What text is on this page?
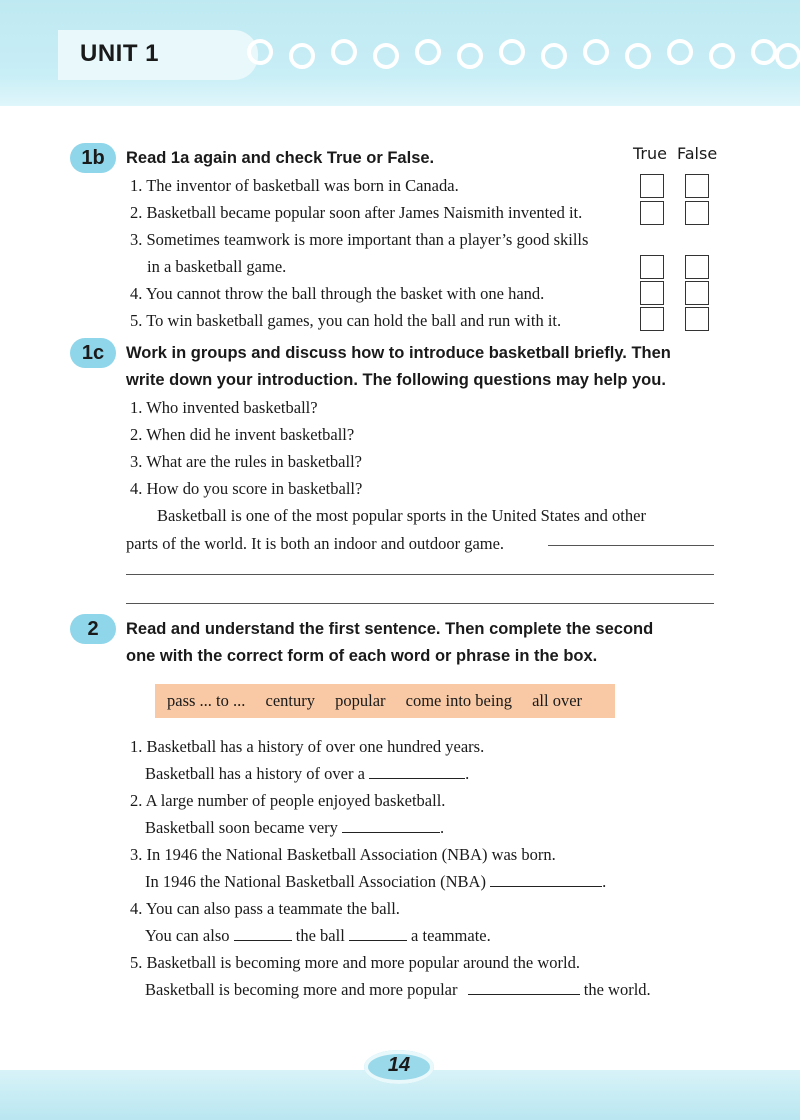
UNIT 1
1b	Read 1a again and check True or False.	True False
1. The inventor of basketball was born in Canada.
2. Basketball became popular soon after James Naismith invented it.
3. Sometimes teamwork is more important than a player’s good skills
in a basketball game.
4. You cannot throw the ball through the basket with one hand.
5. To win basketball games, you can hold the ball and run with it.
1c	Work in groups and discuss how to introduce basketball briefly. Then
write down your introduction. The following questions may help you.
1. Who invented basketball?
2. When did he invent basketball?
3. What are the rules in basketball?
4. How do you score in basketball?
Basketball is one of the most popular sports in the United States and other
parts of the world. It is both an indoor and outdoor game.
2	Read and understand the first sentence. Then complete the second
one with the correct form of each word or phrase in the box.
pass ... to ... century popular come into being all over
1. Basketball has a history of over one hundred years.
Basketball has a history of over a	.
2. A large number of people enjoyed basketball.
Basketball soon became very	.
3. In 1946 the National Basketball Association (NBA) was born.
In 1946 the National Basketball Association (NBA)	.
4. You can also pass a teammate the ball.
You can also	the ball	a teammate.
5. Basketball is becoming more and more popular around the world.
Basketball is becoming more and more popular	the world.
14
